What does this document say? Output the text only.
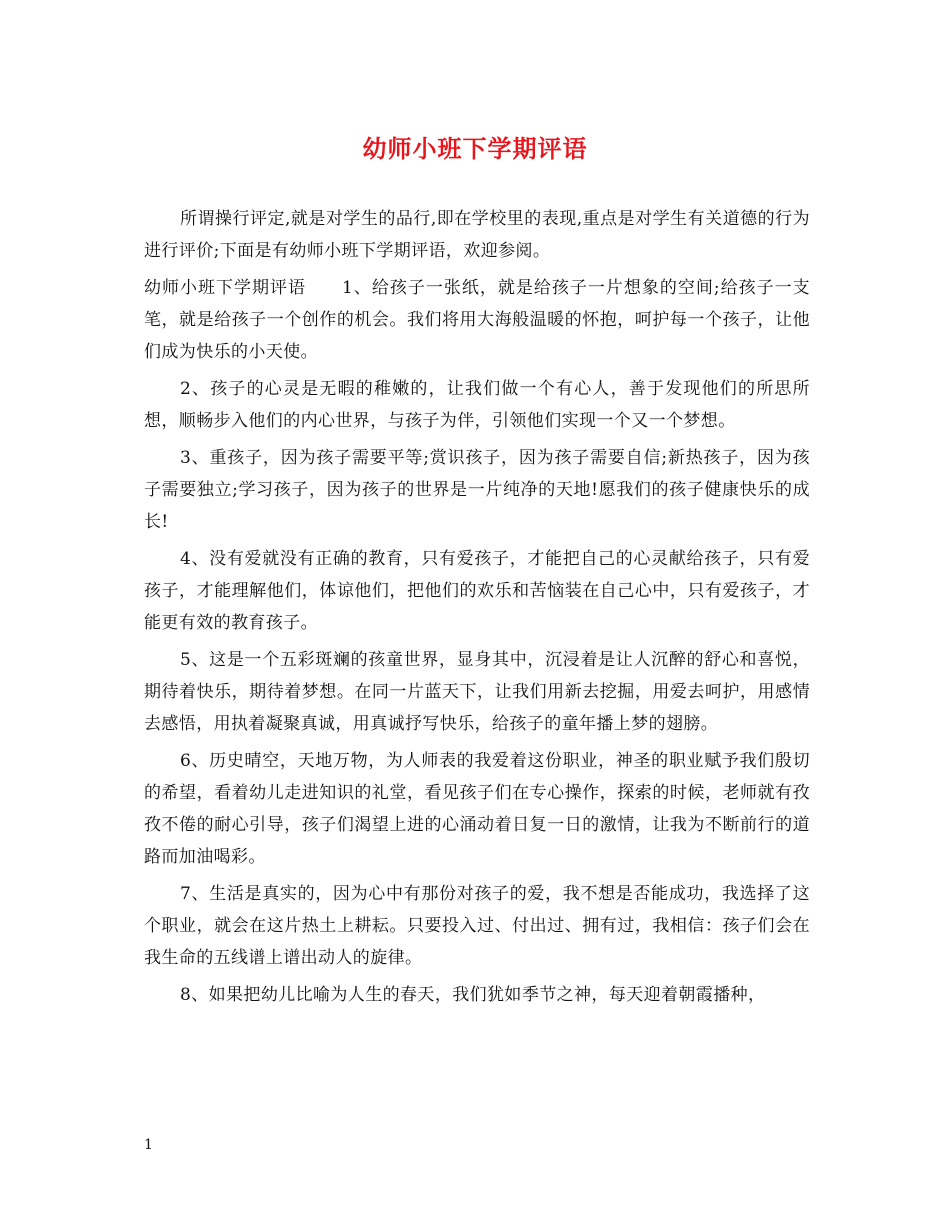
幼师小班下学期评语

所谓操行评定,就是对学生的品行,即在学校里的表现,重点是对学生有关道德的行为进行评价;下面是有幼师小班下学期评语，欢迎参阅。

幼师小班下学期评语 1、给孩子一张纸，就是给孩子一片想象的空间;给孩子一支笔，就是给孩子一个创作的机会。我们将用大海般温暖的怀抱，呵护每一个孩子，让他们成为快乐的小天使。

2、孩子的心灵是无暇的稚嫩的，让我们做一个有心人，善于发现他们的所思所想，顺畅步入他们的内心世界，与孩子为伴，引领他们实现一个又一个梦想。

3、重孩子，因为孩子需要平等;赏识孩子，因为孩子需要自信;新热孩子，因为孩子需要独立;学习孩子，因为孩子的世界是一片纯净的天地!愿我们的孩子健康快乐的成长!

4、没有爱就没有正确的教育，只有爱孩子，才能把自己的心灵献给孩子，只有爱孩子，才能理解他们，体谅他们，把他们的欢乐和苦恼装在自己心中，只有爱孩子，才能更有效的教育孩子。

5、这是一个五彩斑斓的孩童世界，显身其中，沉浸着是让人沉醉的舒心和喜悦，期待着快乐，期待着梦想。在同一片蓝天下，让我们用新去挖掘，用爱去呵护，用感情去感悟，用执着凝聚真诚，用真诚抒写快乐，给孩子的童年播上梦的翅膀。

6、历史晴空，天地万物，为人师表的我爱着这份职业，神圣的职业赋予我们殷切的希望，看着幼儿走进知识的礼堂，看见孩子们在专心操作，探索的时候，老师就有孜孜不倦的耐心引导，孩子们渴望上进的心涌动着日复一日的激情，让我为不断前行的道路而加油喝彩。

7、生活是真实的，因为心中有那份对孩子的爱，我不想是否能成功，我选择了这个职业，就会在这片热土上耕耘。只要投入过、付出过、拥有过，我相信：孩子们会在我生命的五线谱上谱出动人的旋律。

8、如果把幼儿比喻为人生的春天，我们犹如季节之神，每天迎着朝霞播种，

1
